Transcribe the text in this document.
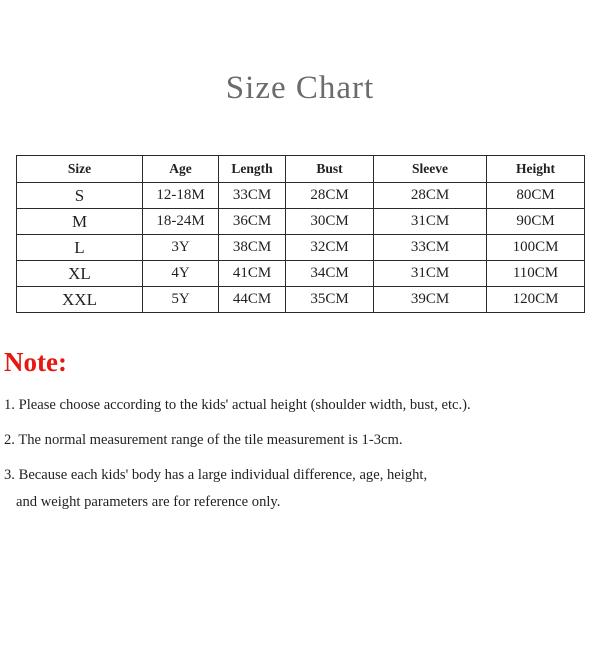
Size Chart
Size	Age	Length	Bust	Sleeve	Height
S	12-18M	33CM	28CM	28CM	80CM
M	18-24M	36CM	30CM	31CM	90CM
L	3Y	38CM	32CM	33CM	100CM
XL	4Y	41CM	34CM	31CM	110CM
XXL	5Y	44CM	35CM	39CM	120CM
Note:
1. Please choose according to the kids' actual height (shoulder width, bust, etc.).
2. The normal measurement range of the tile measurement is 1-3cm.
3. Because each kids' body has a large individual difference, age, height,
and weight parameters are for reference only.
